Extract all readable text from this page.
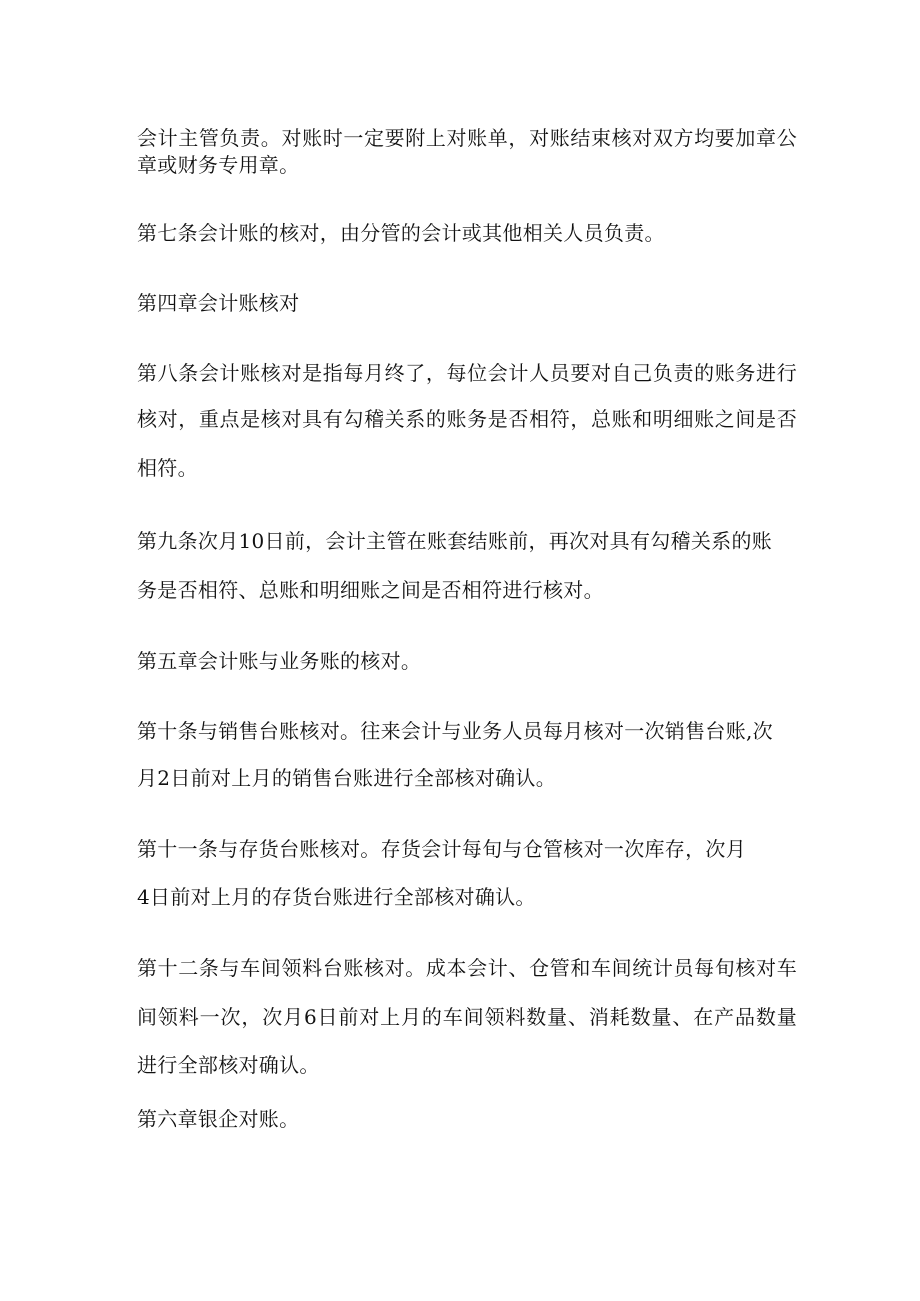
会计主管负责。对账时一定要附上对账单，对账结束核对双方均要加章公
章或财务专用章。
第七条会计账的核对，由分管的会计或其他相关人员负责。
第四章会计账核对
第八条会计账核对是指每月终了，每位会计人员要对自己负责的账务进行
核对，重点是核对具有勾稽关系的账务是否相符，总账和明细账之间是否
相符。
第九条次月10日前，会计主管在账套结账前，再次对具有勾稽关系的账
务是否相符、总账和明细账之间是否相符进行核对。
第五章会计账与业务账的核对。
第十条与销售台账核对。往来会计与业务人员每月核对一次销售台账,次
月2日前对上月的销售台账进行全部核对确认。
第十一条与存货台账核对。存货会计每旬与仓管核对一次库存，次月
4日前对上月的存货台账进行全部核对确认。
第十二条与车间领料台账核对。成本会计、仓管和车间统计员每旬核对车
间领料一次，次月6日前对上月的车间领料数量、消耗数量、在产品数量
进行全部核对确认。
第六章银企对账。
